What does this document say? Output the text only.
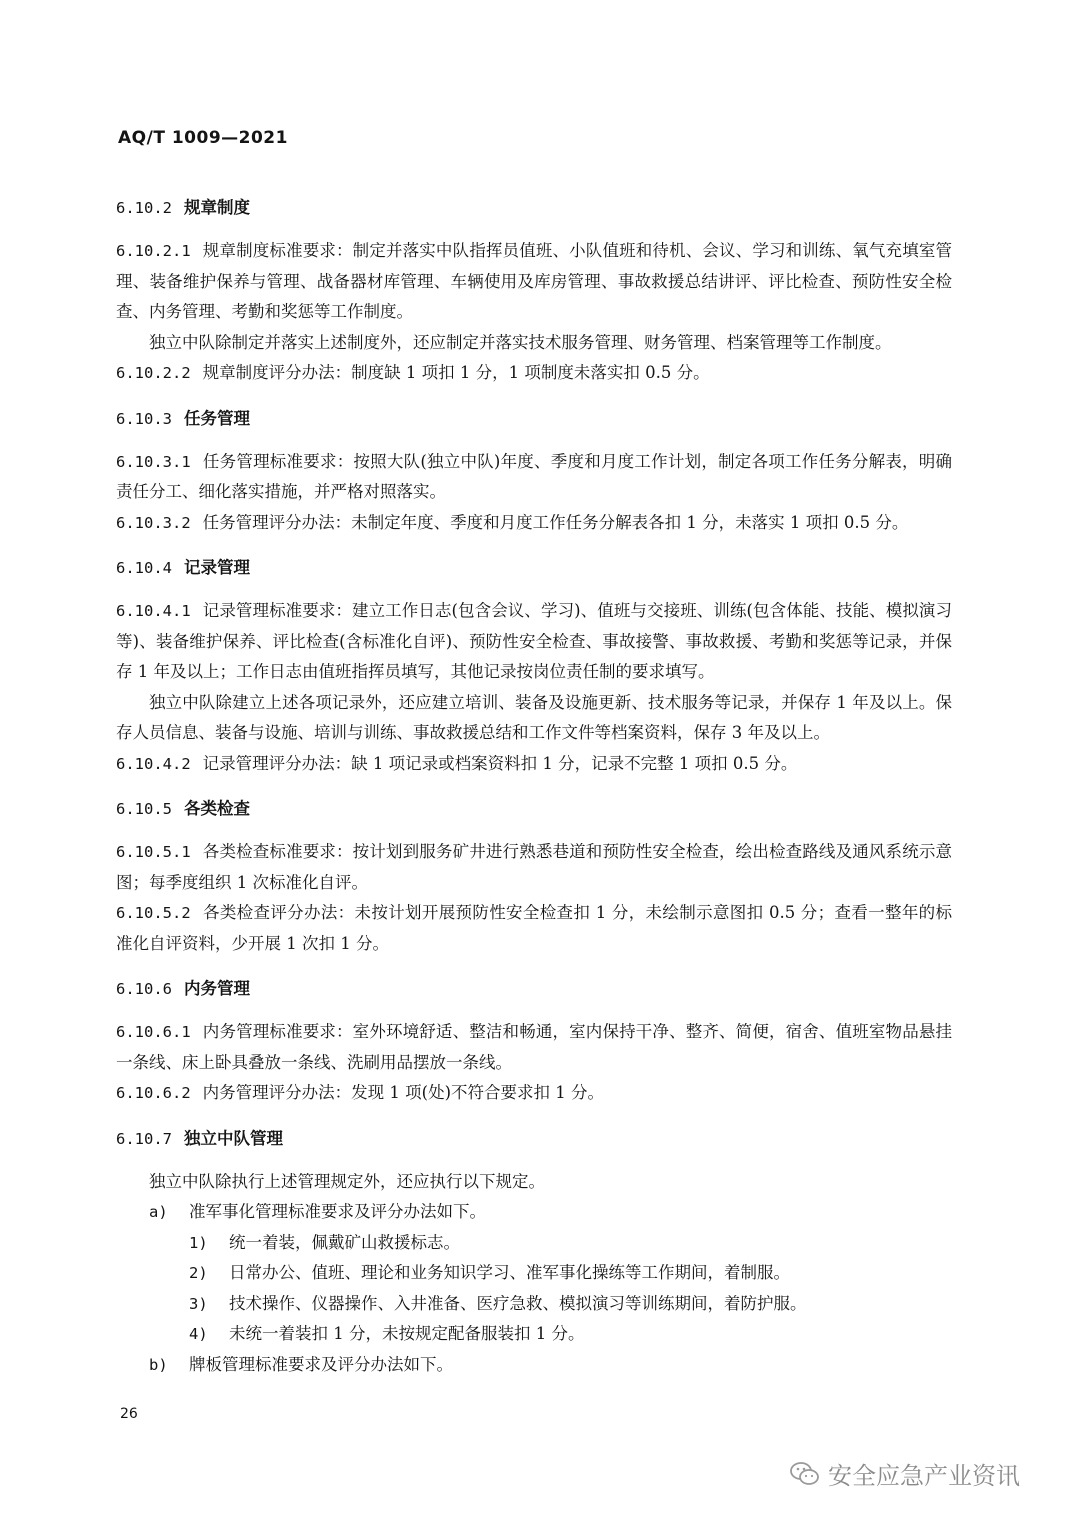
AQ/T 1009—2021
6.10.2 规章制度

6.10.2.1 规章制度标准要求：制定并落实中队指挥员值班、小队值班和待机、会议、学习和训练、氧气充填室管理、装备维护保养与管理、战备器材库管理、车辆使用及库房管理、事故救援总结讲评、评比检查、预防性安全检查、内务管理、考勤和奖惩等工作制度。

独立中队除制定并落实上述制度外，还应制定并落实技术服务管理、财务管理、档案管理等工作制度。

6.10.2.2 规章制度评分办法：制度缺 1 项扣 1 分，1 项制度未落实扣 0.5 分。

6.10.3 任务管理

6.10.3.1 任务管理标准要求：按照大队(独立中队)年度、季度和月度工作计划，制定各项工作任务分解表，明确责任分工、细化落实措施，并严格对照落实。

6.10.3.2 任务管理评分办法：未制定年度、季度和月度工作任务分解表各扣 1 分，未落实 1 项扣 0.5 分。

6.10.4 记录管理

6.10.4.1 记录管理标准要求：建立工作日志(包含会议、学习)、值班与交接班、训练(包含体能、技能、模拟演习等)、装备维护保养、评比检查(含标准化自评)、预防性安全检查、事故接警、事故救援、考勤和奖惩等记录，并保存 1 年及以上；工作日志由值班指挥员填写，其他记录按岗位责任制的要求填写。

独立中队除建立上述各项记录外，还应建立培训、装备及设施更新、技术服务等记录，并保存 1 年及以上。保存人员信息、装备与设施、培训与训练、事故救援总结和工作文件等档案资料，保存 3 年及以上。

6.10.4.2 记录管理评分办法：缺 1 项记录或档案资料扣 1 分，记录不完整 1 项扣 0.5 分。

6.10.5 各类检查

6.10.5.1 各类检查标准要求：按计划到服务矿井进行熟悉巷道和预防性安全检查，绘出检查路线及通风系统示意图；每季度组织 1 次标准化自评。

6.10.5.2 各类检查评分办法：未按计划开展预防性安全检查扣 1 分，未绘制示意图扣 0.5 分；查看一整年的标准化自评资料，少开展 1 次扣 1 分。

6.10.6 内务管理

6.10.6.1 内务管理标准要求：室外环境舒适、整洁和畅通，室内保持干净、整齐、简便，宿舍、值班室物品悬挂一条线、床上卧具叠放一条线、洗刷用品摆放一条线。

6.10.6.2 内务管理评分办法：发现 1 项(处)不符合要求扣 1 分。

6.10.7 独立中队管理

独立中队除执行上述管理规定外，还应执行以下规定。

a) 准军事化管理标准要求及评分办法如下。

1) 统一着装，佩戴矿山救援标志。

2) 日常办公、值班、理论和业务知识学习、准军事化操练等工作期间，着制服。

3) 技术操作、仪器操作、入井准备、医疗急救、模拟演习等训练期间，着防护服。

4) 未统一着装扣 1 分，未按规定配备服装扣 1 分。

b) 牌板管理标准要求及评分办法如下。

26
安全应急产业资讯
